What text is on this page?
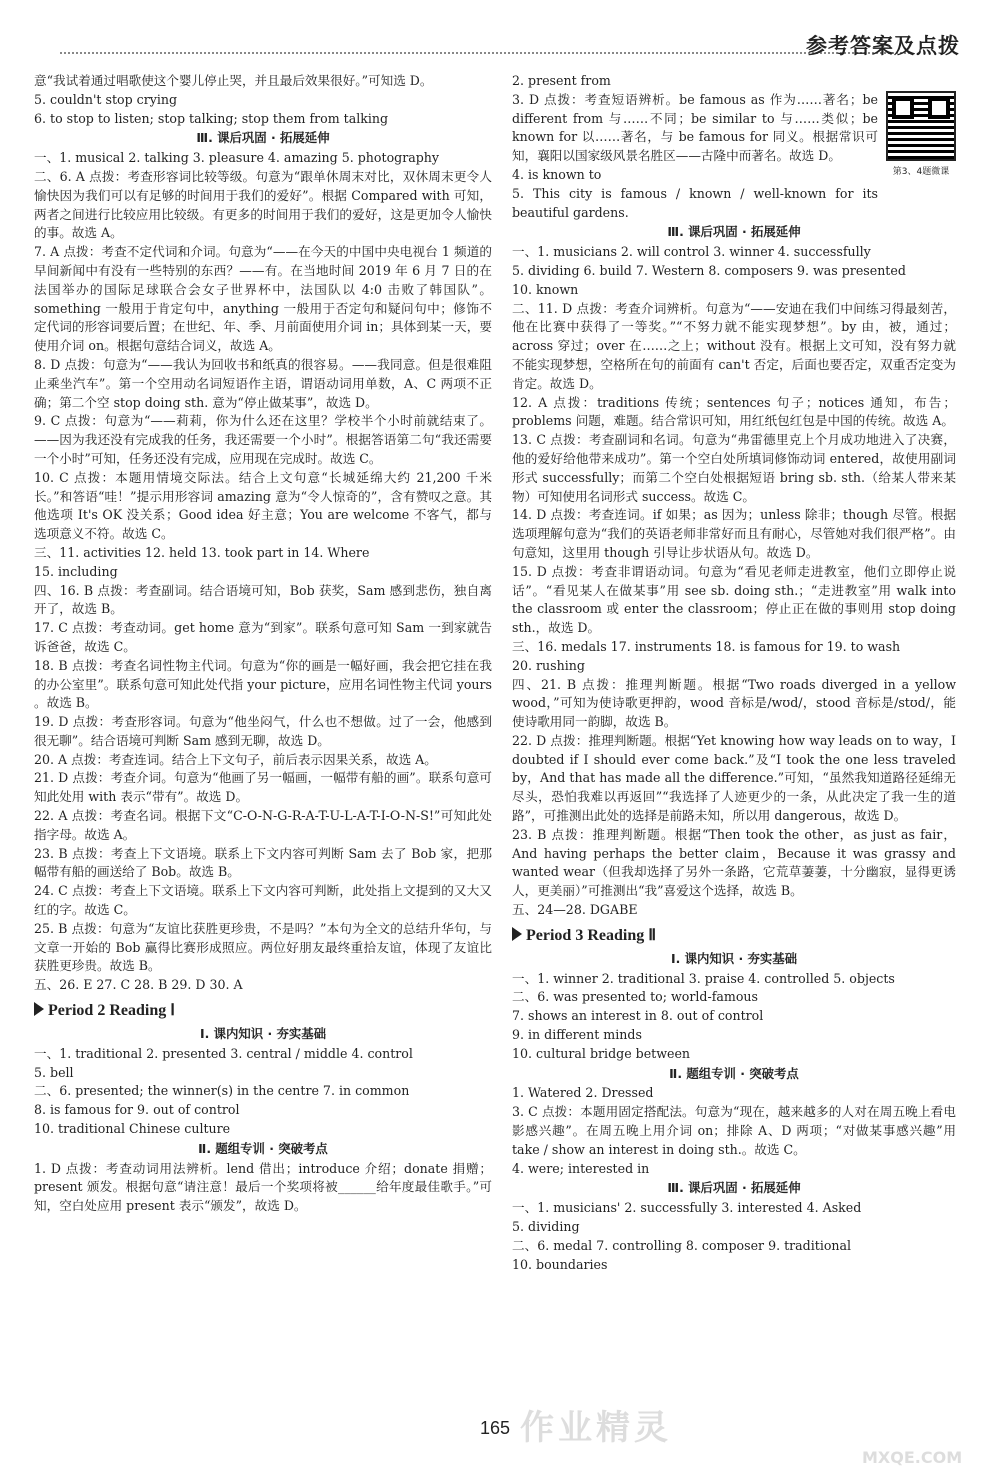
参考答案及点拨

意“我试着通过唱歌使这个婴儿停止哭，并且最后效果很好。”可知选 D。

5. couldn't stop crying

6. to stop to listen; stop talking; stop them from talking

Ⅲ. 课后巩固 · 拓展延伸

一、1. musical 2. talking 3. pleasure 4. amazing 5. photography

二、6. A 点拨：考查形容词比较等级。句意为“跟单休周末对比，双休周末更令人愉快因为我们可以有足够的时间用于我们的爱好”。根据 Compared with 可知，两者之间进行比较应用比较级。有更多的时间用于我们的爱好，这是更加令人愉快的事。故选 A。

7. A 点拨：考查不定代词和介词。句意为“——在今天的中国中央电视台 1 频道的早间新闻中有没有一些特别的东西？——有。在当地时间 2019 年 6 月 7 日的在法国举办的国际足球联合会女子世界杯中，法国队以 4:0 击败了韩国队”。something 一般用于肯定句中，anything 一般用于否定句和疑问句中；修饰不定代词的形容词要后置；在世纪、年、季、月前面使用介词 in；具体到某一天，要使用介词 on。根据句意结合词义，故选 A。

8. D 点拨：句意为“——我认为回收书和纸真的很容易。——我同意。但是很难阻止乘坐汽车”。第一个空用动名词短语作主语，谓语动词用单数，A、C 两项不正确；第二个空 stop doing sth. 意为“停止做某事”，故选 D。

9. C 点拨：句意为“——莉莉，你为什么还在这里？学校半个小时前就结束了。——因为我还没有完成我的任务，我还需要一个小时”。根据答语第二句“我还需要一个小时”可知，任务还没有完成，应用现在完成时。故选 C。

10. C 点拨：本题用情境交际法。结合上文句意“长城延绵大约 21,200 千米长。”和答语“哇！”提示用形容词 amazing 意为“令人惊奇的”，含有赞叹之意。其他选项 It's OK 没关系；Good idea 好主意；You are welcome 不客气，都与选项意义不符。故选 C。

三、11. activities 12. held 13. took part in 14. Where

15. including

四、16. B 点拨：考查副词。结合语境可知，Bob 获奖，Sam 感到悲伤，独自离开了，故选 B。

17. C 点拨：考查动词。get home 意为“到家”。联系句意可知 Sam 一到家就告诉爸爸，故选 C。

18. B 点拨：考查名词性物主代词。句意为“你的画是一幅好画，我会把它挂在我的办公室里”。联系句意可知此处代指 your picture，应用名词性物主代词 yours 。故选 B。

19. D 点拨：考查形容词。句意为“他坐闷气，什么也不想做。过了一会，他感到很无聊”。结合语境可判断 Sam 感到无聊，故选 D。

20. A 点拨：考查连词。结合上下文句子，前后表示因果关系，故选 A。

21. D 点拨：考查介词。句意为“他画了另一幅画，一幅带有船的画”。联系句意可知此处用 with 表示“带有”。故选 D。

22. A 点拨：考查名词。根据下文“C-O-N-G-R-A-T-U-L-A-T-I-O-N-S!”可知此处指字母。故选 A。

23. B 点拨：考查上下文语境。联系上下文内容可判断 Sam 去了 Bob 家，把那幅带有船的画送给了 Bob。故选 B。

24. C 点拨：考查上下文语境。联系上下文内容可判断，此处指上文提到的又大又红的字。故选 C。

25. B 点拨：句意为“友谊比获胜更珍贵，不是吗？”本句为全文的总结升华句，与文章一开始的 Bob 赢得比赛形成照应。两位好朋友最终重拾友谊，体现了友谊比获胜更珍贵。故选 B。

五、26. E 27. C 28. B 29. D 30. A

Period 2 Reading Ⅰ
Ⅰ. 课内知识 · 夯实基础

一、1. traditional 2. presented 3. central / middle 4. control

5. bell

二、6. presented; the winner(s) in the centre 7. in common

8. is famous for 9. out of control

10. traditional Chinese culture

Ⅱ. 题组专训 · 突破考点

1. D 点拨：考查动词用法辨析。lend 借出；introduce 介绍；donate 捐赠；present 颁发。根据句意“请注意！最后一个奖项将被______给年度最佳歌手。”可知，空白处应用 present 表示“颁发”，故选 D。

2. present from

第3、4题微课

3. D 点拨：考查短语辨析。be famous as 作为……著名；be different from 与……不同；be similar to 与……类似；be known for 以……著名，与 be famous for 同义。根据常识可知，襄阳以国家级风景名胜区——古隆中而著名。故选 D。

4. is known to

5. This city is famous / known / well-known for its beautiful gardens.

Ⅲ. 课后巩固 · 拓展延伸

一、1. musicians 2. will control 3. winner 4. successfully

5. dividing 6. build 7. Western 8. composers 9. was presented

10. known

二、11. D 点拨：考查介词辨析。句意为“——安迪在我们中间练习得最刻苦，他在比赛中获得了一等奖。”“不努力就不能实现梦想”。by 由，被，通过；across 穿过；over 在……之上；without 没有。根据上文可知，没有努力就不能实现梦想，空格所在句的前面有 can't 否定，后面也要否定，双重否定变为肯定。故选 D。

12. A 点拨：traditions 传统；sentences 句子；notices 通知，布告；problems 问题，难题。结合常识可知，用红纸包红包是中国的传统。故选 A。

13. C 点拨：考查副词和名词。句意为“弗雷德里克上个月成功地进入了决赛，他的爱好给他带来成功”。第一个空白处所填词修饰动词 entered，故使用副词形式 successfully；而第二个空白处根据短语 bring sb. sth.（给某人带来某物）可知使用名词形式 success。故选 C。

14. D 点拨：考查连词。if 如果；as 因为；unless 除非；though 尽管。根据选项理解句意为“我们的英语老师非常好而且有耐心，尽管她对我们很严格”。由句意知，这里用 though 引导让步状语从句。故选 D。

15. D 点拨：考查非谓语动词。句意为“看见老师走进教室，他们立即停止说话”。“看见某人在做某事”用 see sb. doing sth.；“走进教室”用 walk into the classroom 或 enter the classroom；停止正在做的事则用 stop doing sth.，故选 D。

三、16. medals 17. instruments 18. is famous for 19. to wash

20. rushing

四、21. B 点拨：推理判断题。根据“Two roads diverged in a yellow wood，”可知为使诗歌更押韵，wood 音标是/wʊd/，stood 音标是/stʊd/，能使诗歌用同一韵脚，故选 B。

22. D 点拨：推理判断题。根据“Yet knowing how way leads on to way，I doubted if I should ever come back.”及“I took the one less traveled by，And that has made all the difference.”可知，“虽然我知道路径延绵无尽头，恐怕我难以再返回”“我选择了人迹更少的一条，从此决定了我一生的道路”，可推测出此处的选择是前路未知，所以用 dangerous，故选 D。

23. B 点拨：推理判断题。根据“Then took the other，as just as fair，And having perhaps the better claim，Because it was grassy and wanted wear（但我却选择了另外一条路，它荒草萋萋，十分幽寂，显得更诱人，更美丽）”可推测出“我”喜爱这个选择，故选 B。

五、24—28. DGABE

Period 3 Reading Ⅱ
Ⅰ. 课内知识 · 夯实基础

一、1. winner 2. traditional 3. praise 4. controlled 5. objects

二、6. was presented to; world-famous

7. shows an interest in 8. out of control

9. in different minds

10. cultural bridge between

Ⅱ. 题组专训 · 突破考点

1. Watered 2. Dressed

3. C 点拨：本题用固定搭配法。句意为“现在，越来越多的人对在周五晚上看电影感兴趣”。在周五晚上用介词 on；排除 A、D 两项；“对做某事感兴趣”用 take / show an interest in doing sth.。故选 C。

4. were; interested in

Ⅲ. 课后巩固 · 拓展延伸

一、1. musicians' 2. successfully 3. interested 4. Asked

5. dividing

二、6. medal 7. controlling 8. composer 9. traditional

10. boundaries

165 作业精灵
MXQE.COM
